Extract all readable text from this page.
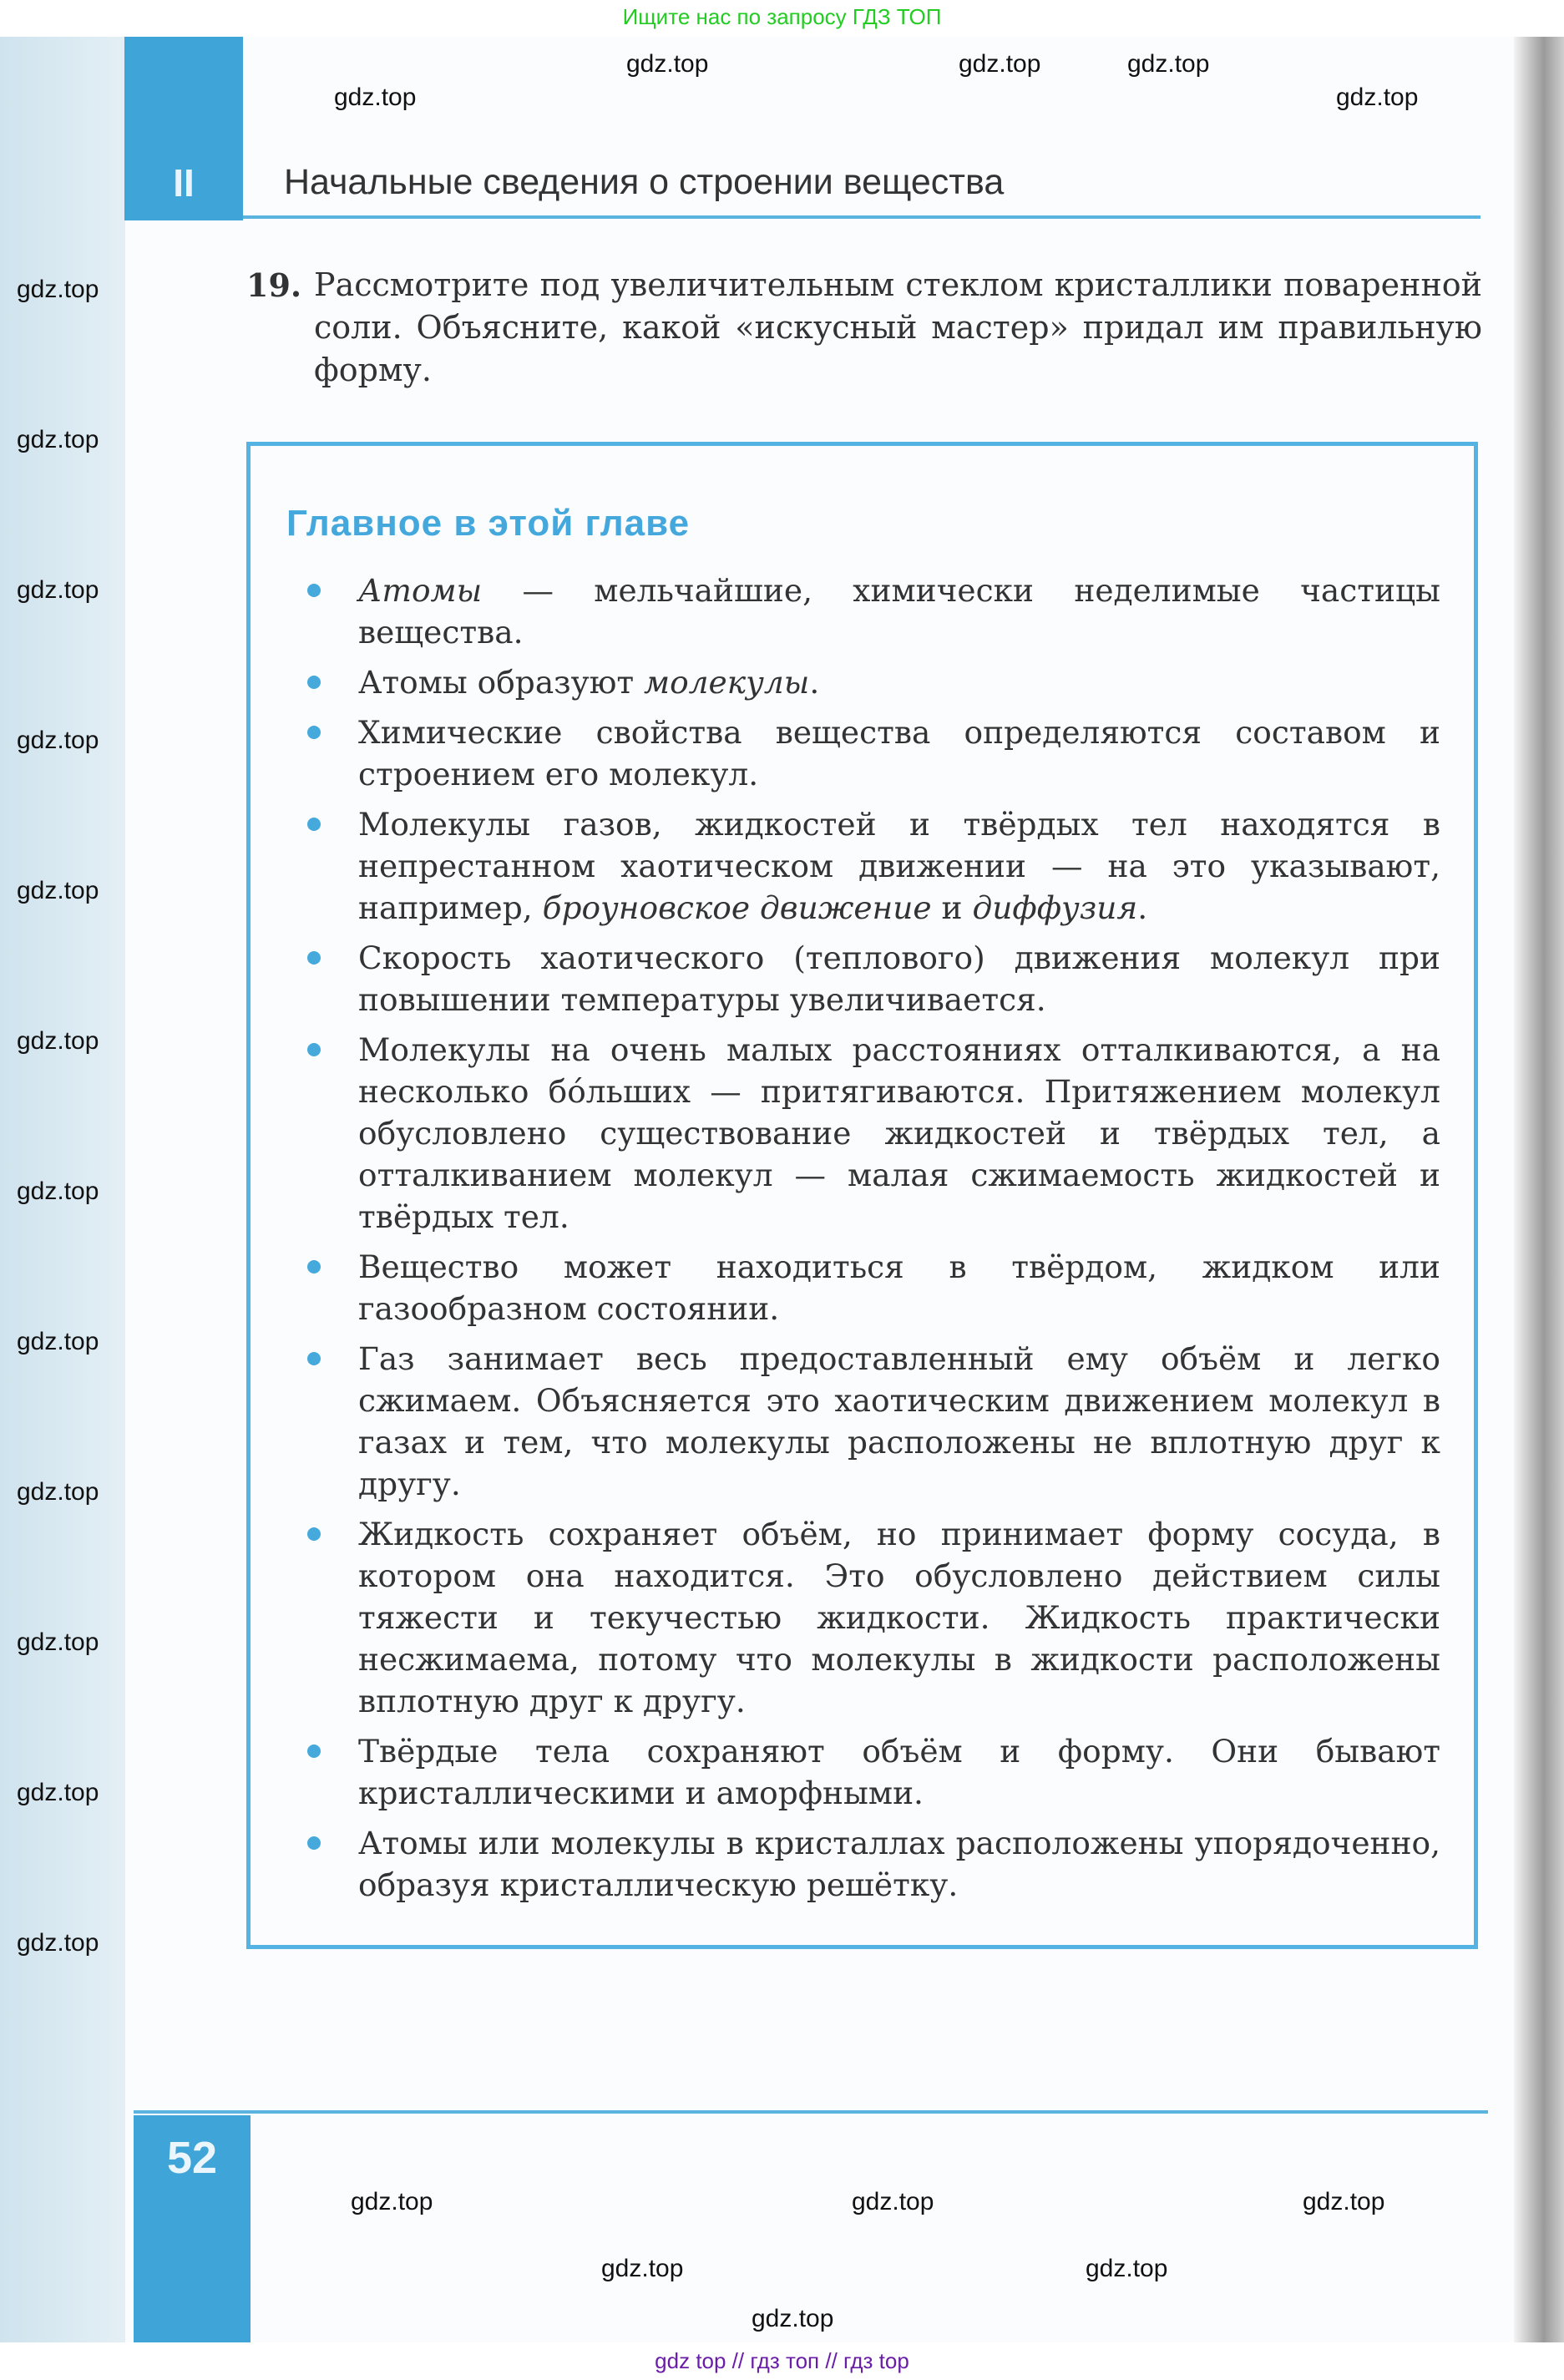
Ищите нас по запросу ГДЗ ТОП
II	Начальные сведения о строении вещества
19. Рассмотрите под увеличительным стеклом кристаллики поваренной соли. Объясните, какой «искусный мастер» придал им правильную форму.
Главное в этой главе
Атомы — мельчайшие, химически неделимые частицы вещества.
Атомы образуют молекулы.
Химические свойства вещества определяются составом и строением его молекул.
Молекулы газов, жидкостей и твёрдых тел находятся в непрестанном хаотическом движении — на это указывают, например, броуновское движение и диффузия.
Скорость хаотического (теплового) движения молекул при повышении температуры увеличивается.
Молекулы на очень малых расстояниях отталкиваются, а на несколько бóльших — притягиваются. Притяжением молекул обусловлено существование жидкостей и твёрдых тел, а отталкиванием молекул — малая сжимаемость жидкостей и твёрдых тел.
Вещество может находиться в твёрдом, жидком или газообразном состоянии.
Газ занимает весь предоставленный ему объём и легко сжимаем. Объясняется это хаотическим движением молекул в газах и тем, что молекулы расположены не вплотную друг к другу.
Жидкость сохраняет объём, но принимает форму сосуда, в котором она находится. Это обусловлено действием силы тяжести и текучестью жидкости. Жидкость практически несжимаема, потому что молекулы в жидкости расположены вплотную друг к другу.
Твёрдые тела сохраняют объём и форму. Они бывают кристаллическими и аморфными.
Атомы или молекулы в кристаллах расположены упорядоченно, образуя кристаллическую решётку.
52
gdz.top
gdz.top	gdz.top
gdz.top	gdz.top
gdz.top
gdz.top
gdz.top
gdz.top
gdz.top
gdz.top
gdz.top
gdz.top
gdz.top
gdz.top
gdz.top
gdz.top
gdz.top
gdz.top
gdz.top
gdz.top
gdz.top
gdz.top
gdz top // гдз топ // гдз top
